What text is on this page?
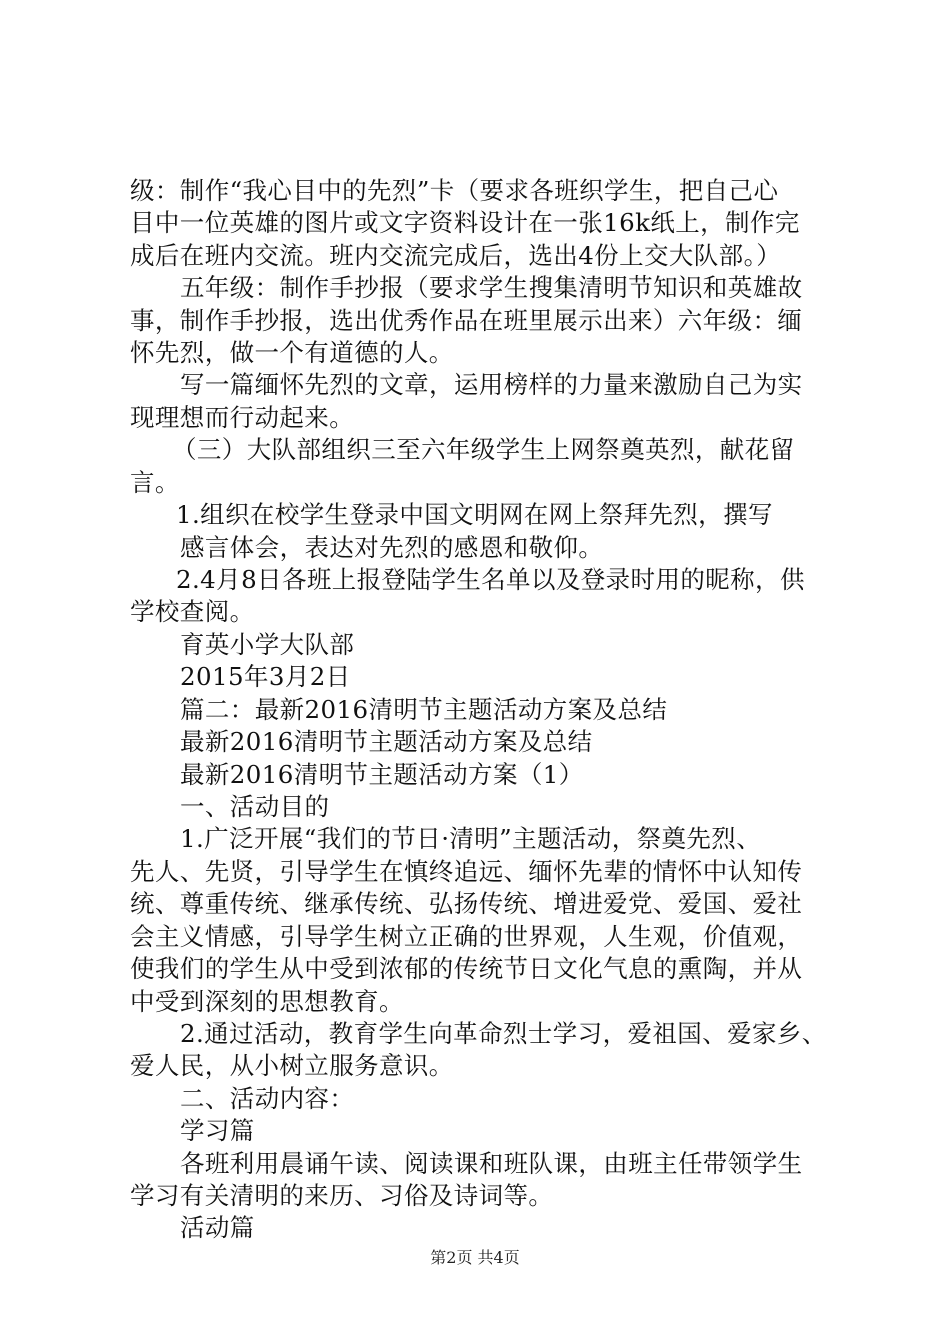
级：制作“我心目中的先烈”卡（要求各班织学生，把自己心
目中一位英雄的图片或文字资料设计在一张16k纸上，制作完
成后在班内交流。班内交流完成后，选出4份上交大队部。）
五年级：制作手抄报（要求学生搜集清明节知识和英雄故
事，制作手抄报，选出优秀作品在班里展示出来）六年级：缅
怀先烈，做一个有道德的人。
写一篇缅怀先烈的文章，运用榜样的力量来激励自己为实
现理想而行动起来。
（三）大队部组织三至六年级学生上网祭奠英烈，献花留
言。
1.组织在校学生登录中国文明网在网上祭拜先烈，撰写
感言体会，表达对先烈的感恩和敬仰。
2.4月8日各班上报登陆学生名单以及登录时用的昵称，供
学校查阅。
育英小学大队部
2015年3月2日
篇二：最新2016清明节主题活动方案及总结
最新2016清明节主题活动方案及总结
最新2016清明节主题活动方案（1）
一、活动目的
1.广泛开展“我们的节日·清明”主题活动，祭奠先烈、
先人、先贤，引导学生在慎终追远、缅怀先辈的情怀中认知传
统、尊重传统、继承传统、弘扬传统、增进爱党、爱国、爱社
会主义情感，引导学生树立正确的世界观，人生观，价值观，
使我们的学生从中受到浓郁的传统节日文化气息的熏陶，并从
中受到深刻的思想教育。
2.通过活动，教育学生向革命烈士学习，爱祖国、爱家乡、
爱人民，从小树立服务意识。
二、活动内容：
学习篇
各班利用晨诵午读、阅读课和班队课，由班主任带领学生
学习有关清明的来历、习俗及诗词等。
活动篇
第2页 共4页
